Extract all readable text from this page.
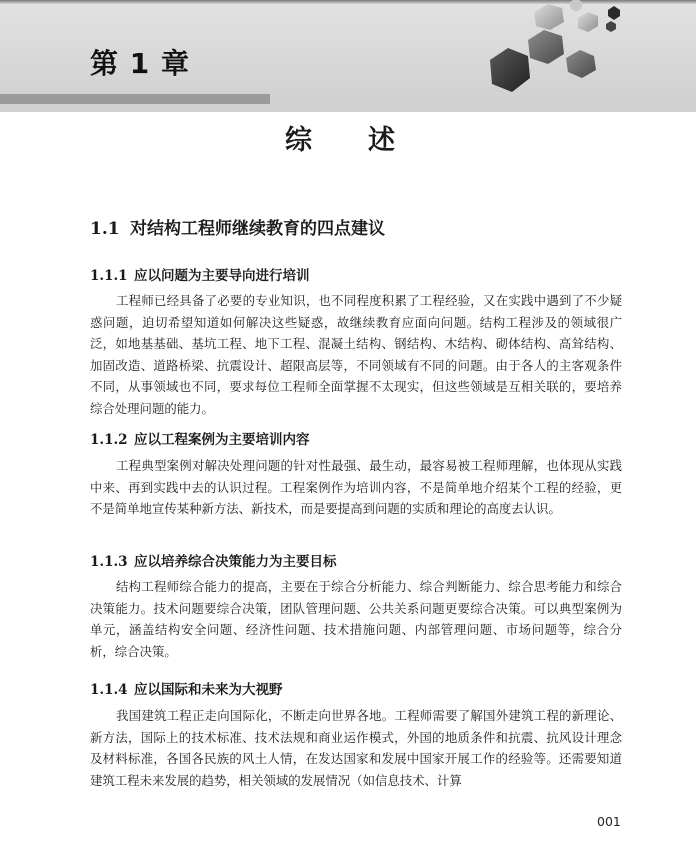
第 1 章
综述
1.1 对结构工程师继续教育的四点建议
1.1.1 应以问题为主要导向进行培训

工程师已经具备了必要的专业知识，也不同程度积累了工程经验，又在实践中遇到了不少疑惑问题，迫切希望知道如何解决这些疑惑，故继续教育应面向问题。结构工程涉及的领域很广泛，如地基基础、基坑工程、地下工程、混凝土结构、钢结构、木结构、砌体结构、高耸结构、加固改造、道路桥梁、抗震设计、超限高层等，不同领域有不同的问题。由于各人的主客观条件不同，从事领域也不同，要求每位工程师全面掌握不太现实，但这些领域是互相关联的，要培养综合处理问题的能力。

1.1.2 应以工程案例为主要培训内容

工程典型案例对解决处理问题的针对性最强、最生动，最容易被工程师理解，也体现从实践中来、再到实践中去的认识过程。工程案例作为培训内容，不是简单地介绍某个工程的经验，更不是简单地宣传某种新方法、新技术，而是要提高到问题的实质和理论的高度去认识。

1.1.3 应以培养综合决策能力为主要目标

结构工程师综合能力的提高，主要在于综合分析能力、综合判断能力、综合思考能力和综合决策能力。技术问题要综合决策，团队管理问题、公共关系问题更要综合决策。可以典型案例为单元，涵盖结构安全问题、经济性问题、技术措施问题、内部管理问题、市场问题等，综合分析，综合决策。

1.1.4 应以国际和未来为大视野

我国建筑工程正走向国际化，不断走向世界各地。工程师需要了解国外建筑工程的新理论、新方法，国际上的技术标准、技术法规和商业运作模式，外国的地质条件和抗震、抗风设计理念及材料标准，各国各民族的风土人情，在发达国家和发展中国家开展工作的经验等。还需要知道建筑工程未来发展的趋势，相关领域的发展情况（如信息技术、计算

001
